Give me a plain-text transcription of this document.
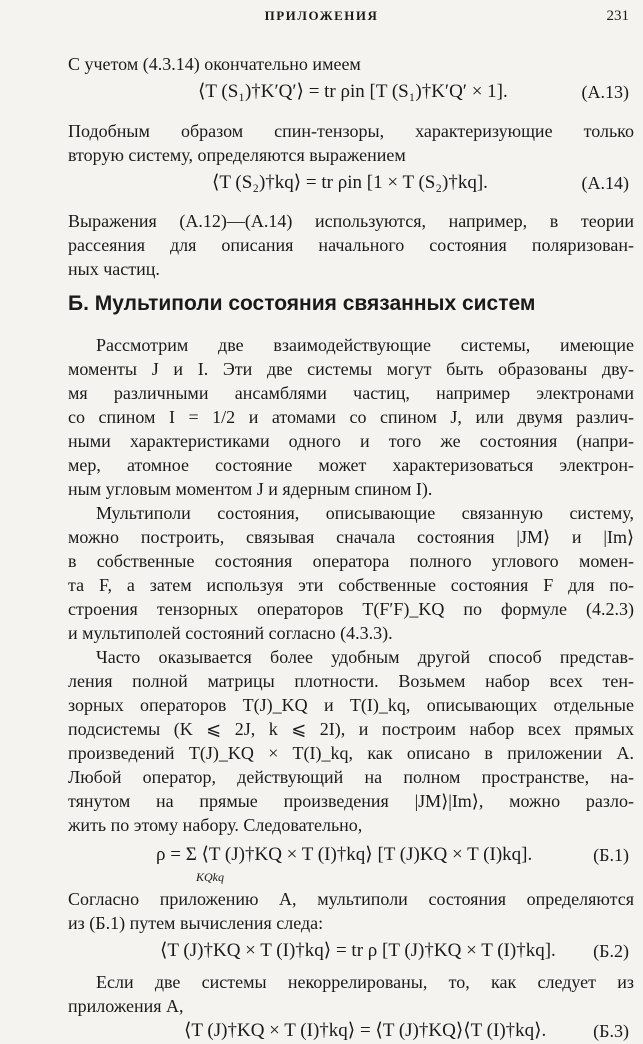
ПРИЛОЖЕНИЯ	231
С учетом (4.3.14) окончательно имеем
⟨T (S₁)†K′Q′⟩ = tr ρin [T (S₁)†K′Q′ × 1].	(А.13)
Подобным образом спин-тензоры, характеризующие только
вторую систему, определяются выражением
⟨T (S₂)†kq⟩ = tr ρin [1 × T (S₂)†kq].	(А.14)
Выражения (А.12)—(А.14) используются, например, в теории
рассеяния для описания начального состояния поляризован-
ных частиц.
Б. Мультиполи состояния связанных систем
Рассмотрим две взаимодействующие системы, имеющие
моменты J и I. Эти две системы могут быть образованы дву-
мя различными ансамблями частиц, например электронами
со спином I = 1/2 и атомами со спином J, или двумя различ-
ными характеристиками одного и того же состояния (напри-
мер, атомное состояние может характеризоваться электрон-
ным угловым моментом J и ядерным спином I).
Мультиполи состояния, описывающие связанную систему,
можно построить, связывая сначала состояния |JM⟩ и |Im⟩
в собственные состояния оператора полного углового момен-
та F, а затем используя эти собственные состояния F для по-
строения тензорных операторов T(F′F)_KQ по формуле (4.2.3)
и мультиполей состояний согласно (4.3.3).
Часто оказывается более удобным другой способ представ-
ления полной матрицы плотности. Возьмем набор всех тен-
зорных операторов T(J)_KQ и T(I)_kq, описывающих отдельные
подсистемы (K ⩽ 2J, k ⩽ 2I), и построим набор всех прямых
произведений T(J)_KQ × T(I)_kq, как описано в приложении А.
Любой оператор, действующий на полном пространстве, на-
тянутом на прямые произведения |JM⟩|Im⟩, можно разло-
жить по этому набору. Следовательно,
ρ = Σ ⟨T (J)†KQ × T (I)†kq⟩ [T (J)KQ × T (I)kq].
KQkq
(Б.1)
Согласно приложению А, мультиполи состояния определяются
из (Б.1) путем вычисления следа:
⟨T (J)†KQ × T (I)†kq⟩ = tr ρ [T (J)†KQ × T (I)†kq]. (Б.2)
Если две системы некоррелированы, то, как следует из
приложения А,
⟨T (J)†KQ × T (I)†kq⟩ = ⟨T (J)†KQ⟩⟨T (I)†kq⟩.	(Б.3)
